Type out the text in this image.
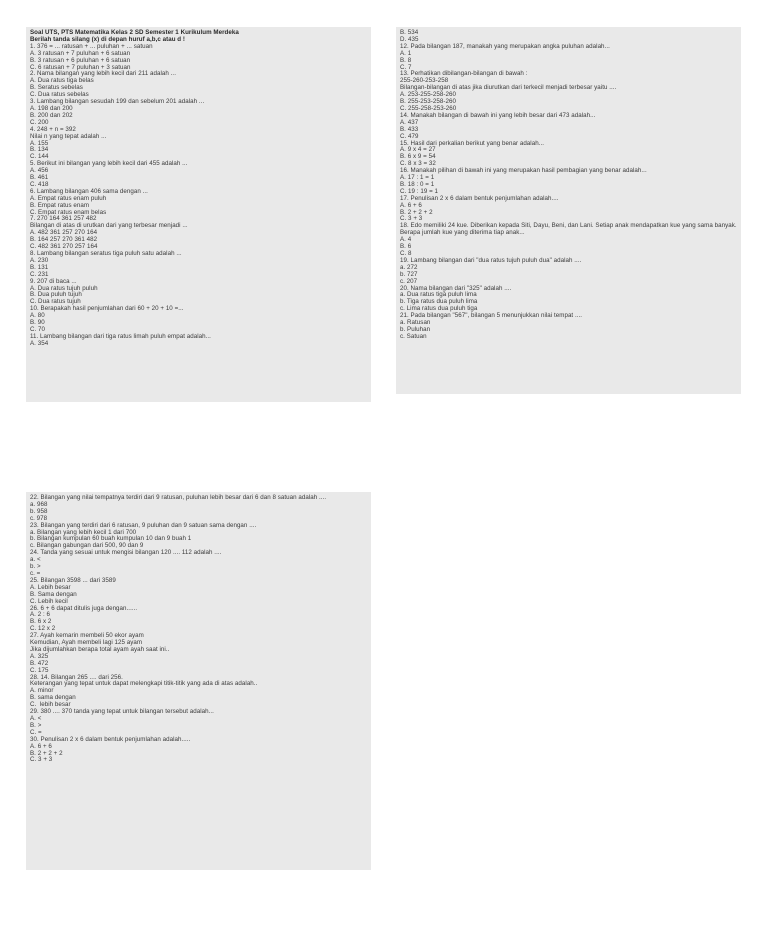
Soal UTS, PTS Matematika Kelas 2 SD Semester 1 Kurikulum Merdeka
Berilah tanda silang (x) di depan huruf a,b,c atau d !
1. 376 = ... ratusan + ... puluhan + ... satuan
A. 3 ratusan + 7 puluhan + 6 satuan
B. 3 ratusan + 6 puluhan + 6 satuan
C. 6 ratusan + 7 puluhan + 3 satuan
2. Nama bilangan yang lebih kecil dari 211 adalah ...
A. Dua ratus tiga belas
B. Seratus sebelas
C. Dua ratus sebelas
3. Lambang bilangan sesudah 199 dan sebelum 201 adalah ...
A. 198 dan 200
B. 200 dan 202
C. 200
4. 248 + n = 392
Nilai n yang tepat adalah ...
A. 155
B. 134
C. 144
5. Berikut ini bilangan yang lebih kecil dari 455 adalah ...
A. 456
B. 461
C. 418
6. Lambang bilangan 406 sama dengan ...
A. Empat ratus enam puluh
B. Empat ratus enam
C. Empat ratus enam belas
7. 270 164 361 257 482
Bilangan di atas di urutkan dari yang terbesar menjadi ...
A. 482 361 257 270 164
B. 164 257 270 361 482
C. 482 361 270 257 164
8. Lambang bilangan seratus tiga puluh satu adalah ...
A. 230
B. 131
C. 231
9. 207 di baca ...
A. Dua ratus tujuh puluh
B. Dua puluh tujuh
C. Dua ratus tujuh
10. Berapakah hasil penjumlahan dari 60 + 20 + 10 =...
A. 80
B. 90
C. 70
11. Lambang bilangan dari tiga ratus limah puluh empat adalah...
A. 354
B. 534
D. 435
12. Pada bilangan 187, manakah yang merupakan angka puluhan adalah...
A. 1
B. 8
C. 7
13. Perhatikan dibilangan-bilangan di bawah :
255-260-253-258
Bilangan-bilangan di atas jika diurutkan dari terkecil menjadi terbesar yaitu ....
A. 253-255-258-260
B. 255-253-258-260
C. 255-258-253-260
14. Manakah bilangan di bawah ini yang lebih besar dari 473 adalah...
A. 437
B. 433
C. 479
15. Hasil dari perkalian berikut yang benar adalah...
A. 9 x 4 = 27
B. 6 x 9 = 54
C. 8 x 3 = 32
16. Manakah pilihan di bawah ini yang merupakan hasil pembagian yang benar adalah...
A. 17 : 1 = 1
B. 18 : 0 = 1
C. 19 : 19 = 1
17. Penulisan 2 x 6 dalam bentuk penjumlahan adalah....
A. 6 + 6
B. 2 + 2 + 2
C. 3 + 3
18. Edo memiliki 24 kue. Diberikan kepada Siti, Dayu, Beni, dan Lani. Setiap anak mendapatkan kue yang sama banyak. Berapa jumlah kue yang diterima tiap anak...
A. 4
B. 6
C. 8
19. Lambang bilangan dari "dua ratus tujuh puluh dua" adalah ....
a. 272
b. 727
c. 207
20. Nama bilangan dari "325" adalah ....
a. Dua ratus tiga puluh lima
b. Tiga ratus dua puluh lima
c. Lima ratus dua puluh tiga
21. Pada bilangan "567", bilangan 5 menunjukkan nilai tempat ....
a. Ratusan
b. Puluhan
c. Satuan
22. Bilangan yang nilai tempatnya terdiri dari 9 ratusan, puluhan lebih besar dari 6 dan 8 satuan adalah ....
a. 968
b. 958
c. 978
23. Bilangan yang terdiri dari 6 ratusan, 9 puluhan dan 9 satuan sama dengan ....
a. Bilangan yang lebih kecil 1 dari 700
b. Bilangan kumpulan 60 buah kumpulan 10 dan 9 buah 1
c. Bilangan gabungan dari 500, 90 dan 9
24. Tanda yang sesuai untuk mengisi bilangan 120 .... 112 adalah ....
a. <
b. >
c. =
25. Bilangan 3598 ... dari 3589
A. Lebih besar
B. Sama dengan
C. Lebih kecil
26. 6 + 6 dapat ditulis juga dengan......
A. 2 : 6
B. 6 x 2
C. 12 x 2
27. Ayah kemarin membeli 50 ekor ayam
Kemudian, Ayah membeli lagi 125 ayam
Jika dijumlahkan berapa total ayam ayah saat ini..
A. 325
B. 472
C. 175
28. 14. Bilangan 265 .... dari 256.
Keterangan yang tepat untuk dapat melengkapi titik-titik yang ada di atas adalah..
A. minor
B. sama dengan
C.  lebih besar
29. 380 .... 370 tanda yang tepat untuk bilangan tersebut adalah...
A. <
B. >
C. =
30. Penulisan 2 x 6 dalam bentuk penjumlahan adalah.....
A. 6 + 6
B. 2 + 2 + 2
C. 3 + 3
